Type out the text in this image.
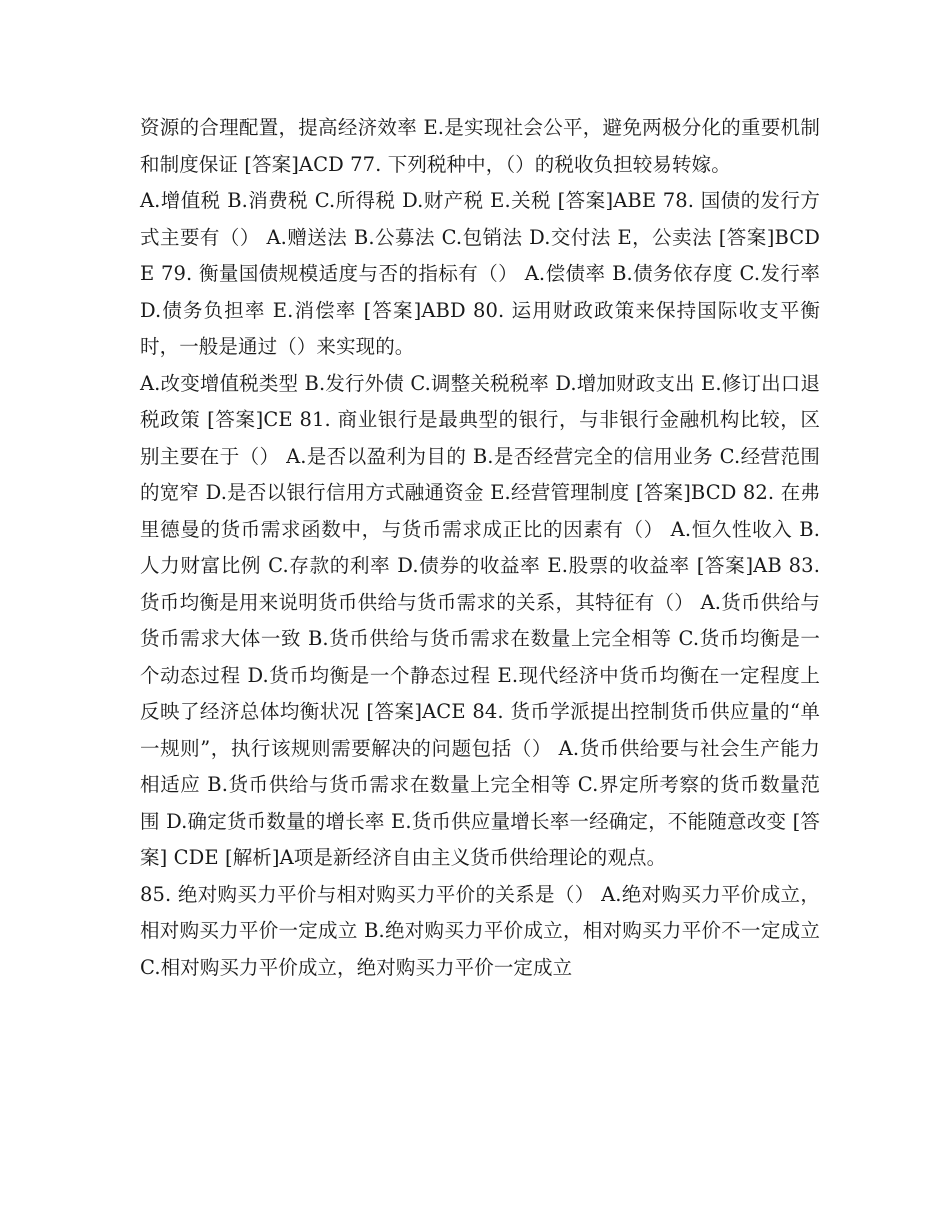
资源的合理配置，提高经济效率 E.是实现社会公平，避免两极分化的重要机制和制度保证 [答案]ACD 77. 下列税种中，（）的税收负担较易转嫁。

A.增值税 B.消费税 C.所得税 D.财产税 E.关税 [答案]ABE 78. 国债的发行方式主要有（） A.赠送法 B.公募法 C.包销法 D.交付法 E，公卖法 [答案]BCDE 79. 衡量国债规模适度与否的指标有（） A.偿债率 B.债务依存度 C.发行率 D.债务负担率 E.消偿率 [答案]ABD 80. 运用财政政策来保持国际收支平衡时，一般是通过（）来实现的。

A.改变增值税类型 B.发行外债 C.调整关税税率 D.增加财政支出 E.修订出口退税政策 [答案]CE 81. 商业银行是最典型的银行，与非银行金融机构比较，区别主要在于（） A.是否以盈利为目的 B.是否经营完全的信用业务 C.经营范围的宽窄 D.是否以银行信用方式融通资金 E.经营管理制度 [答案]BCD 82. 在弗里德曼的货币需求函数中，与货币需求成正比的因素有（） A.恒久性收入 B.人力财富比例 C.存款的利率 D.债券的收益率 E.股票的收益率 [答案]AB 83. 货币均衡是用来说明货币供给与货币需求的关系，其特征有（） A.货币供给与货币需求大体一致 B.货币供给与货币需求在数量上完全相等 C.货币均衡是一个动态过程 D.货币均衡是一个静态过程 E.现代经济中货币均衡在一定程度上反映了经济总体均衡状况 [答案]ACE 84. 货币学派提出控制货币供应量的“单一规则”，执行该规则需要解决的问题包括（） A.货币供给要与社会生产能力相适应 B.货币供给与货币需求在数量上完全相等 C.界定所考察的货币数量范围 D.确定货币数量的增长率 E.货币供应量增长率一经确定，不能随意改变 [答案] CDE [解析]A项是新经济自由主义货币供给理论的观点。

85. 绝对购买力平价与相对购买力平价的关系是（） A.绝对购买力平价成立，相对购买力平价一定成立 B.绝对购买力平价成立，相对购买力平价不一定成立 C.相对购买力平价成立，绝对购买力平价一定成立
